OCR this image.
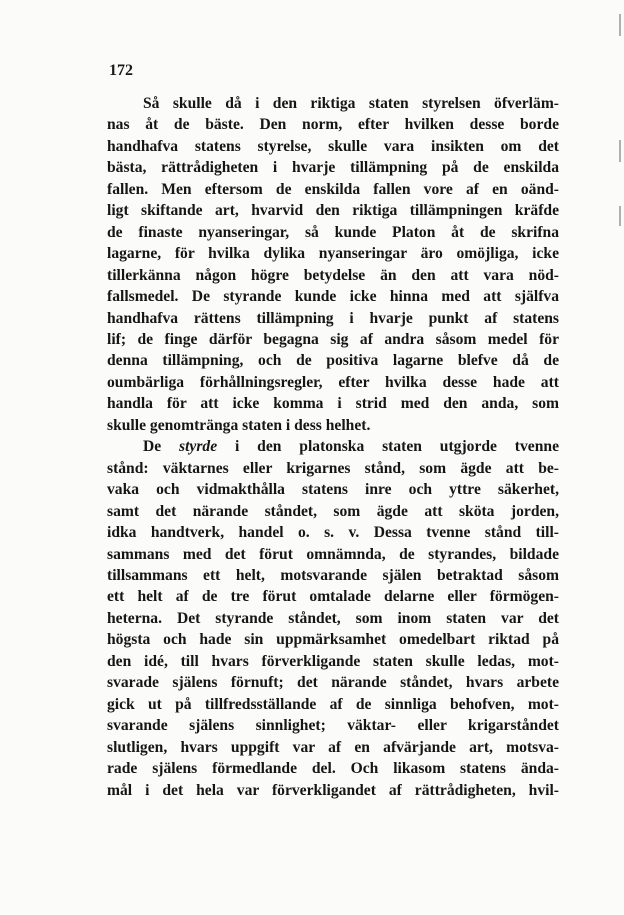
172

Så skulle då i den riktiga staten styrelsen öfverläm-
nas åt de bäste. Den norm, efter hvilken desse borde
handhafva statens styrelse, skulle vara insikten om det
bästa, rättrådigheten i hvarje tillämpning på de enskilda
fallen. Men eftersom de enskilda fallen vore af en oänd-
ligt skiftande art, hvarvid den riktiga tillämpningen kräfde
de finaste nyanseringar, så kunde Platon åt de skrifna
lagarne, för hvilka dylika nyanseringar äro omöjliga, icke
tillerkänna någon högre betydelse än den att vara nöd-
fallsmedel. De styrande kunde icke hinna med att själfva
handhafva rättens tillämpning i hvarje punkt af statens
lif; de finge därför begagna sig af andra såsom medel för
denna tillämpning, och de positiva lagarne blefve då de
oumbärliga förhållningsregler, efter hvilka desse hade att
handla för att icke komma i strid med den anda, som
skulle genomtränga staten i dess helhet.

De styrde i den platonska staten utgjorde tvenne
stånd: väktarnes eller krigarnes stånd, som ägde att be-
vaka och vidmakthålla statens inre och yttre säkerhet,
samt det närande ståndet, som ägde att sköta jorden,
idka handtverk, handel o. s. v. Dessa tvenne stånd till-
sammans med det förut omnämnda, de styrandes, bildade
tillsammans ett helt, motsvarande själen betraktad såsom
ett helt af de tre förut omtalade delarne eller förmögen-
heterna. Det styrande ståndet, som inom staten var det
högsta och hade sin uppmärksamhet omedelbart riktad på
den idé, till hvars förverkligande staten skulle ledas, mot-
svarade själens förnuft; det närande ståndet, hvars arbete
gick ut på tillfredsställande af de sinnliga behofven, mot-
svarande själens sinnlighet; väktar- eller krigarståndet
slutligen, hvars uppgift var af en afvärjande art, motsva-
rade själens förmedlande del. Och likasom statens ända-
mål i det hela var förverkligandet af rättrådigheten, hvil-
